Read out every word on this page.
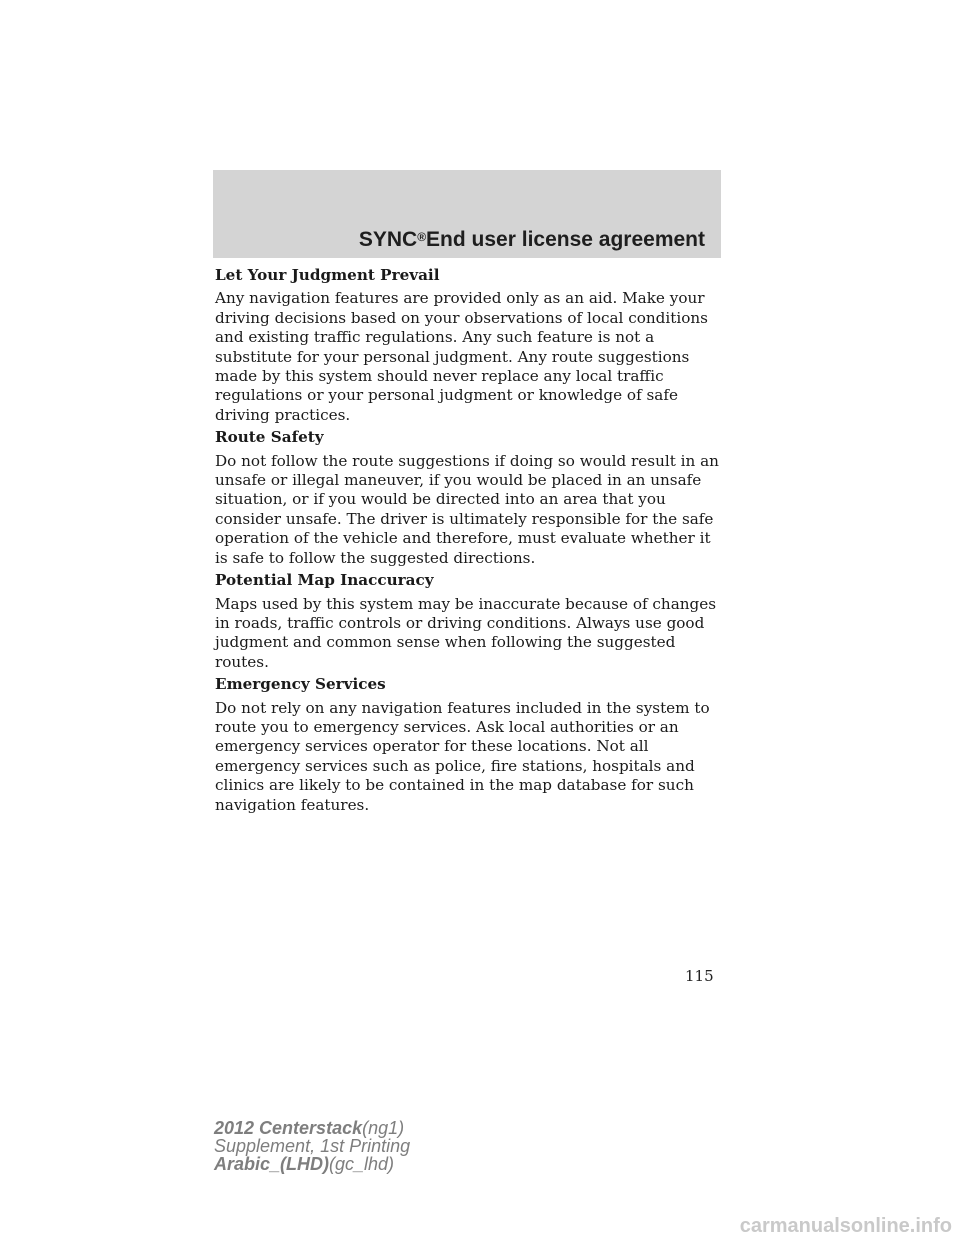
SYNC®End user license agreement

Let Your Judgment Prevail

Any navigation features are provided only as an aid. Make your driving decisions based on your observations of local conditions and existing traffic regulations. Any such feature is not a substitute for your personal judgment. Any route suggestions made by this system should never replace any local traffic regulations or your personal judgment or knowledge of safe driving practices.

Route Safety

Do not follow the route suggestions if doing so would result in an unsafe or illegal maneuver, if you would be placed in an unsafe situation, or if you would be directed into an area that you consider unsafe. The driver is ultimately responsible for the safe operation of the vehicle and therefore, must evaluate whether it is safe to follow the suggested directions.

Potential Map Inaccuracy

Maps used by this system may be inaccurate because of changes in roads, traffic controls or driving conditions. Always use good judgment and common sense when following the suggested routes.

Emergency Services

Do not rely on any navigation features included in the system to route you to emergency services. Ask local authorities or an emergency services operator for these locations. Not all emergency services such as police, fire stations, hospitals and clinics are likely to be contained in the map database for such navigation features.

115
2012 Centerstack(ng1)
Supplement, 1st Printing
Arabic_(LHD)(gc_lhd)
carmanualsonline.info
